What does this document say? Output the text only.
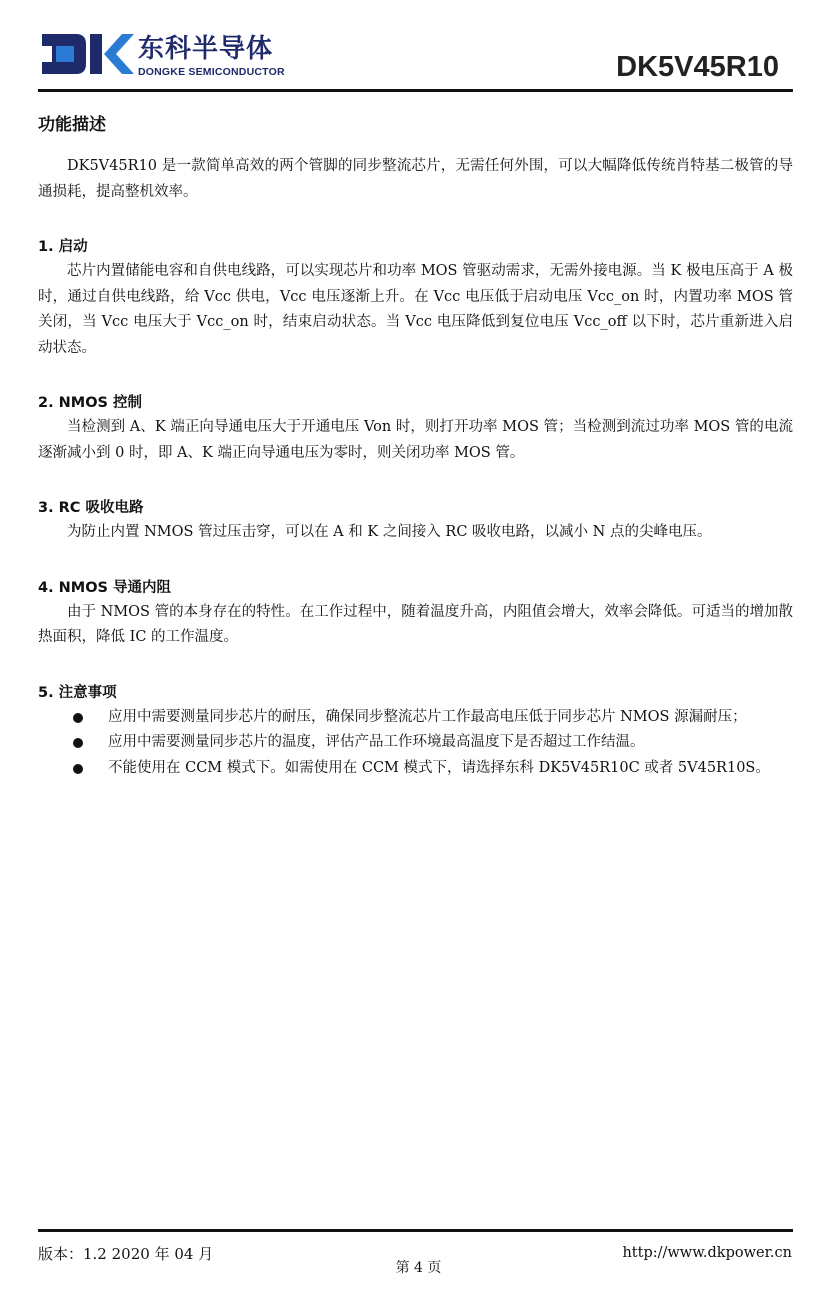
东科半导体
DONGKE SEMICONDUCTOR	DK5V45R10
功能描述

DK5V45R10 是一款简单高效的两个管脚的同步整流芯片，无需任何外围，可以大幅降低传统肖特基二极管的导通损耗，提高整机效率。

1. 启动

芯片内置储能电容和自供电线路，可以实现芯片和功率 MOS 管驱动需求，无需外接电源。当 K 极电压高于 A 极时，通过自供电线路，给 Vcc 供电，Vcc 电压逐渐上升。在 Vcc 电压低于启动电压 Vcc_on 时，内置功率 MOS 管关闭，当 Vcc 电压大于 Vcc_on 时，结束启动状态。当 Vcc 电压降低到复位电压 Vcc_off 以下时，芯片重新进入启动状态。

2. NMOS 控制

当检测到 A、K 端正向导通电压大于开通电压 Von 时，则打开功率 MOS 管；当检测到流过功率 MOS 管的电流逐渐减小到 0 时，即 A、K 端正向导通电压为零时，则关闭功率 MOS 管。

3. RC 吸收电路

为防止内置 NMOS 管过压击穿，可以在 A 和 K 之间接入 RC 吸收电路，以减小 N 点的尖峰电压。

4. NMOS 导通内阻

由于 NMOS 管的本身存在的特性。在工作过程中，随着温度升高，内阻值会增大，效率会降低。可适当的增加散热面积，降低 IC 的工作温度。

5. 注意事项
应用中需要测量同步芯片的耐压，确保同步整流芯片工作最高电压低于同步芯片 NMOS 源漏耐压；
应用中需要测量同步芯片的温度，评估产品工作环境最高温度下是否超过工作结温。
不能使用在 CCM 模式下。如需使用在 CCM 模式下，请选择东科 DK5V45R10C 或者 5V45R10S。
版本：1.2 2020 年 04 月
第 4 页
http://www.dkpower.cn
